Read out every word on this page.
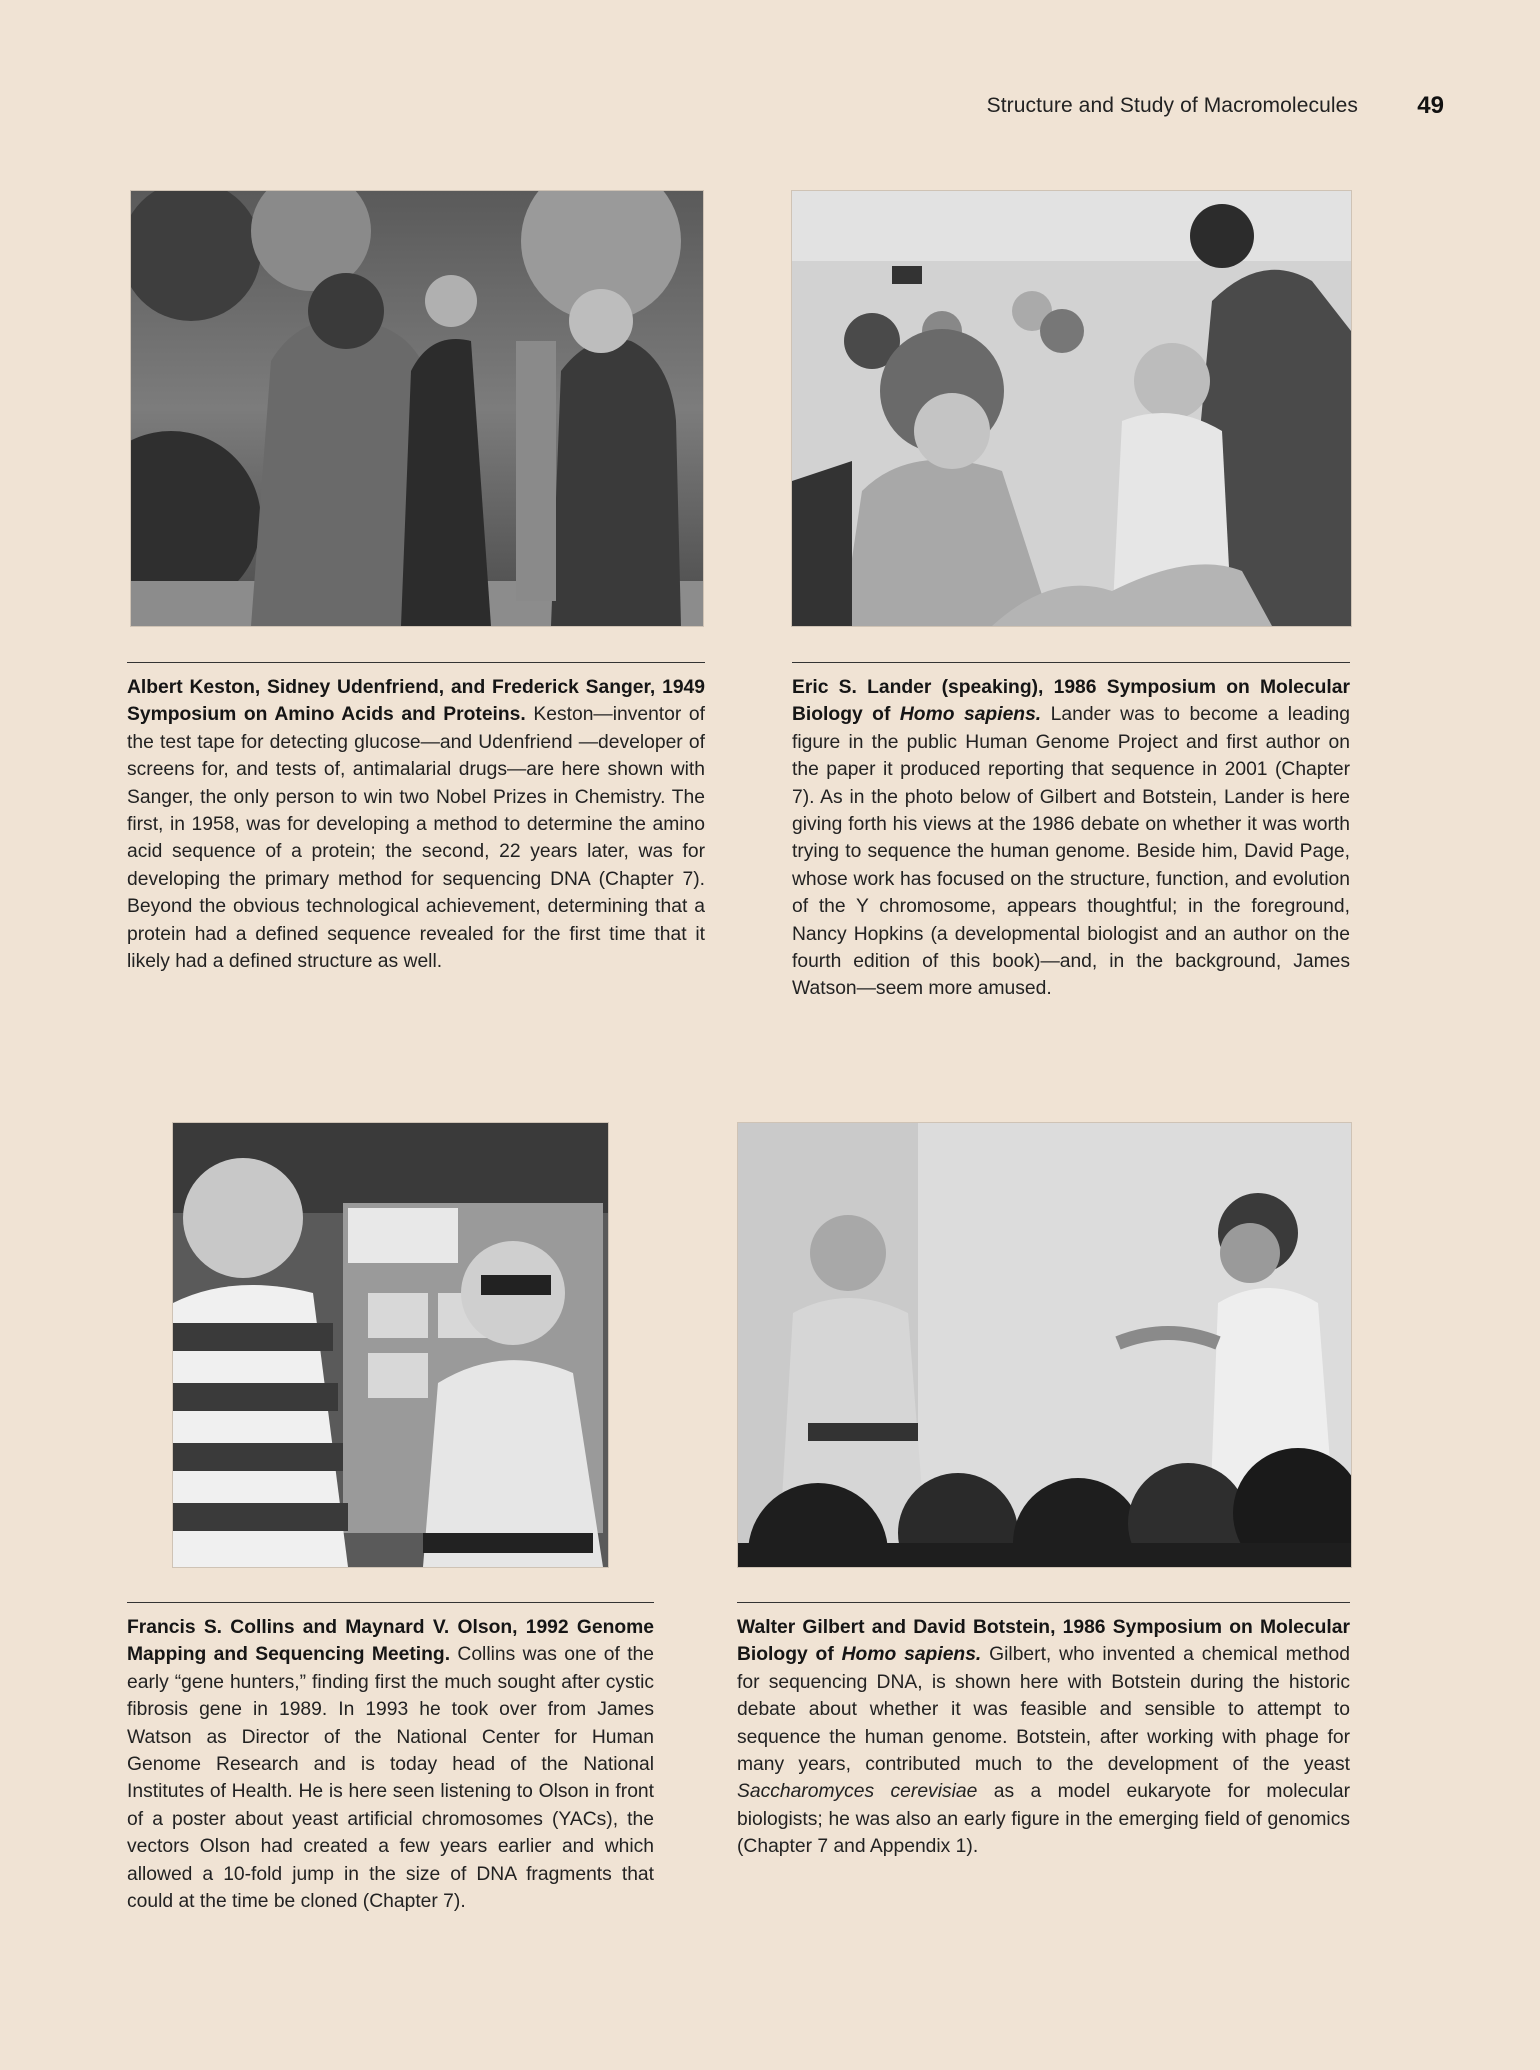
Structure and Study of Macromolecules 49
Albert Keston, Sidney Udenfriend, and Frederick Sanger, 1949 Symposium on Amino Acids and Proteins. Keston—inventor of the test tape for detecting glucose—and Udenfriend —developer of screens for, and tests of, antimalarial drugs—are here shown with Sanger, the only person to win two Nobel Prizes in Chemistry. The first, in 1958, was for developing a method to determine the amino acid sequence of a protein; the second, 22 years later, was for developing the primary method for sequencing DNA (Chapter 7). Beyond the obvious technological achievement, determining that a protein had a defined sequence revealed for the first time that it likely had a defined structure as well.
Eric S. Lander (speaking), 1986 Symposium on Molecular Biology of Homo sapiens. Lander was to become a leading figure in the public Human Genome Project and first author on the paper it produced reporting that sequence in 2001 (Chapter 7). As in the photo below of Gilbert and Botstein, Lander is here giving forth his views at the 1986 debate on whether it was worth trying to sequence the human genome. Beside him, David Page, whose work has focused on the structure, function, and evolution of the Y chromosome, appears thoughtful; in the foreground, Nancy Hopkins (a developmental biologist and an author on the fourth edition of this book)—and, in the background, James Watson—seem more amused.
Francis S. Collins and Maynard V. Olson, 1992 Genome Mapping and Sequencing Meeting. Collins was one of the early “gene hunters,” finding first the much sought after cystic fibrosis gene in 1989. In 1993 he took over from James Watson as Director of the National Center for Human Genome Research and is today head of the National Institutes of Health. He is here seen listening to Olson in front of a poster about yeast artificial chromosomes (YACs), the vectors Olson had created a few years earlier and which allowed a 10-fold jump in the size of DNA fragments that could at the time be cloned (Chapter 7).
Walter Gilbert and David Botstein, 1986 Symposium on Molecular Biology of Homo sapiens. Gilbert, who invented a chemical method for sequencing DNA, is shown here with Botstein during the historic debate about whether it was feasible and sensible to attempt to sequence the human genome. Botstein, after working with phage for many years, contributed much to the development of the yeast Saccharomyces cerevisiae as a model eukaryote for molecular biologists; he was also an early figure in the emerging field of genomics (Chapter 7 and Appendix 1).
